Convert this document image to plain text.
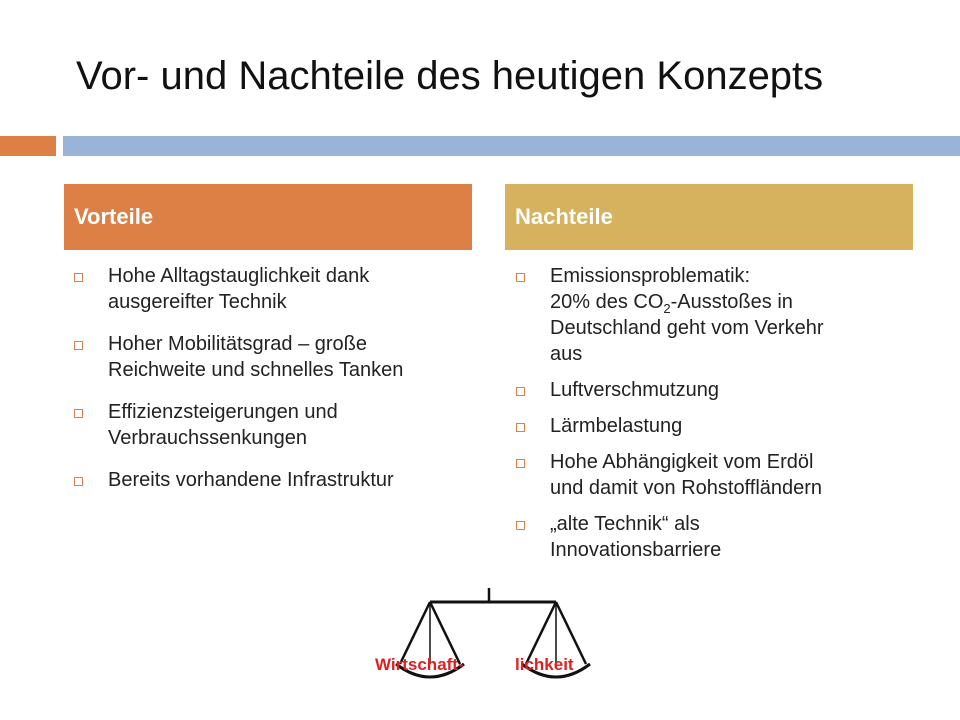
Vor- und Nachteile des heutigen Konzepts
Vorteile	Nachteile
Hohe Alltagstauglichkeit dank
ausgereifter Technik
Hoher Mobilitätsgrad – große
Reichweite und schnelles Tanken
Effizienzsteigerungen und
Verbrauchssenkungen
Bereits vorhandene Infrastruktur
Emissionsproblematik:
20% des $CO_2$-Ausstoßes in
Deutschland geht vom Verkehr
aus
Luftverschmutzung
Lärmbelastung
Hohe Abhängigkeit vom Erdöl
und damit von Rohstoffländern
„alte Technik“ als
Innovationsbarriere
Wirtschaft-	lichkeit
